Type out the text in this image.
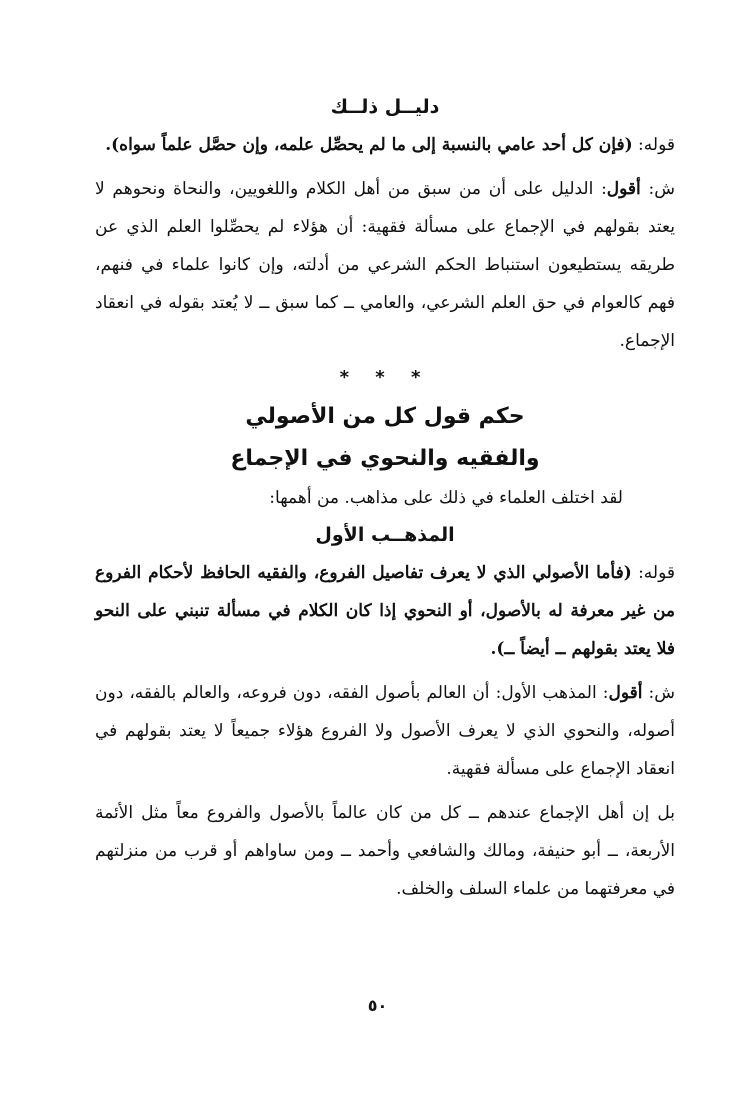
دليــل ذلــك

قوله: (فإن كل أحد عامي بالنسبة إلى ما لم يحصِّل علمه، وإن حصَّل علماً سواه).

ش: أقول: الدليل على أن من سبق من أهل الكلام واللغويين، والنحاة ونحوهم لا يعتد بقولهم في الإجماع على مسألة فقهية: أن هؤلاء لم يحصِّلوا العلم الذي عن طريقه يستطيعون استنباط الحكم الشرعي من أدلته، وإن كانوا علماء في فنهم، فهم كالعوام في حق العلم الشرعي، والعامي ــ كما سبق ــ لا يُعتد بقوله في انعقاد الإجماع.

* * *
حكم قول كل من الأصولي
والفقيه والنحوي في الإجماع
لقد اختلف العلماء في ذلك على مذاهب. من أهمها:
المذهــب الأول

قوله: (فأما الأصولي الذي لا يعرف تفاصيل الفروع، والفقيه الحافظ لأحكام الفروع من غير معرفة له بالأصول، أو النحوي إذا كان الكلام في مسألة تنبني على النحو فلا يعتد بقولهم ــ أيضاً ــ).

ش: أقول: المذهب الأول: أن العالم بأصول الفقه، دون فروعه، والعالم بالفقه، دون أصوله، والنحوي الذي لا يعرف الأصول ولا الفروع هؤلاء جميعاً لا يعتد بقولهم في انعقاد الإجماع على مسألة فقهية.

بل إن أهل الإجماع عندهم ــ كل من كان عالماً بالأصول والفروع معاً مثل الأئمة الأربعة، ــ أبو حنيفة، ومالك والشافعي وأحمد ــ ومن ساواهم أو قرب من منزلتهم في معرفتهما من علماء السلف والخلف.

٥٠
